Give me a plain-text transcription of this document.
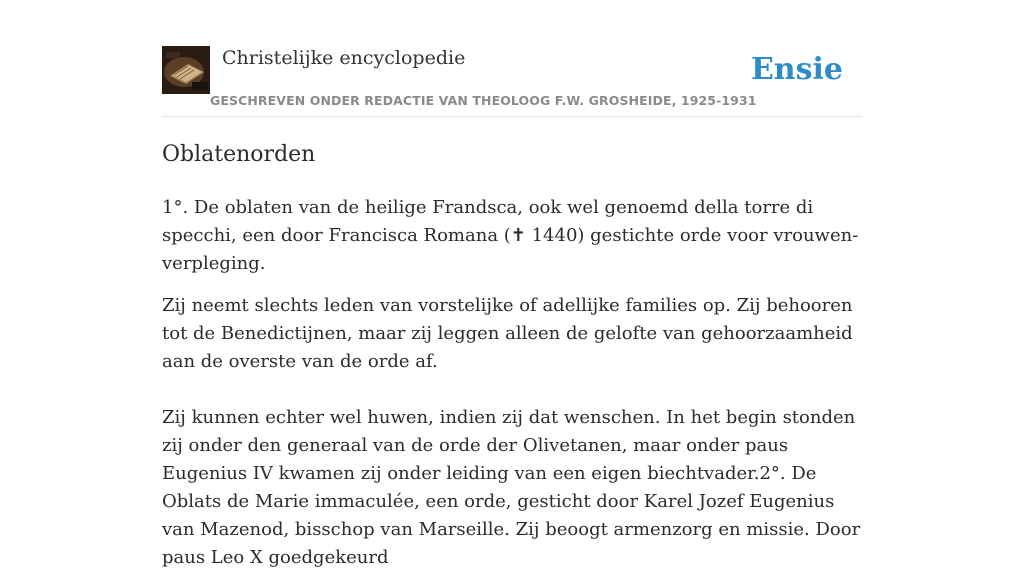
Christelijke encyclopedie
GESCHREVEN ONDER REDACTIE VAN THEOLOOG F.W. GROSHEIDE, 1925-1931
Ensie
Oblatenorden

1°. De oblaten van de heilige Frandsca, ook wel genoemd della torre di specchi, een door Francisca Romana (✝ 1440) gestichte orde voor vrouwen-verpleging.

Zij neemt slechts leden van vorstelijke of adellijke families op. Zij behooren tot de Benedictijnen, maar zij leggen alleen de gelofte van gehoorzaamheid aan de overste van de orde af.

Zij kunnen echter wel huwen, indien zij dat wenschen. In het begin stonden zij onder den generaal van de orde der Olivetanen, maar onder paus Eugenius IV kwamen zij onder leiding van een eigen biechtvader.2°. De Oblats de Marie immaculée, een orde, gesticht door Karel Jozef Eugenius van Mazenod, bisschop van Marseille. Zij beoogt armenzorg en missie. Door paus Leo X goedgekeurd
